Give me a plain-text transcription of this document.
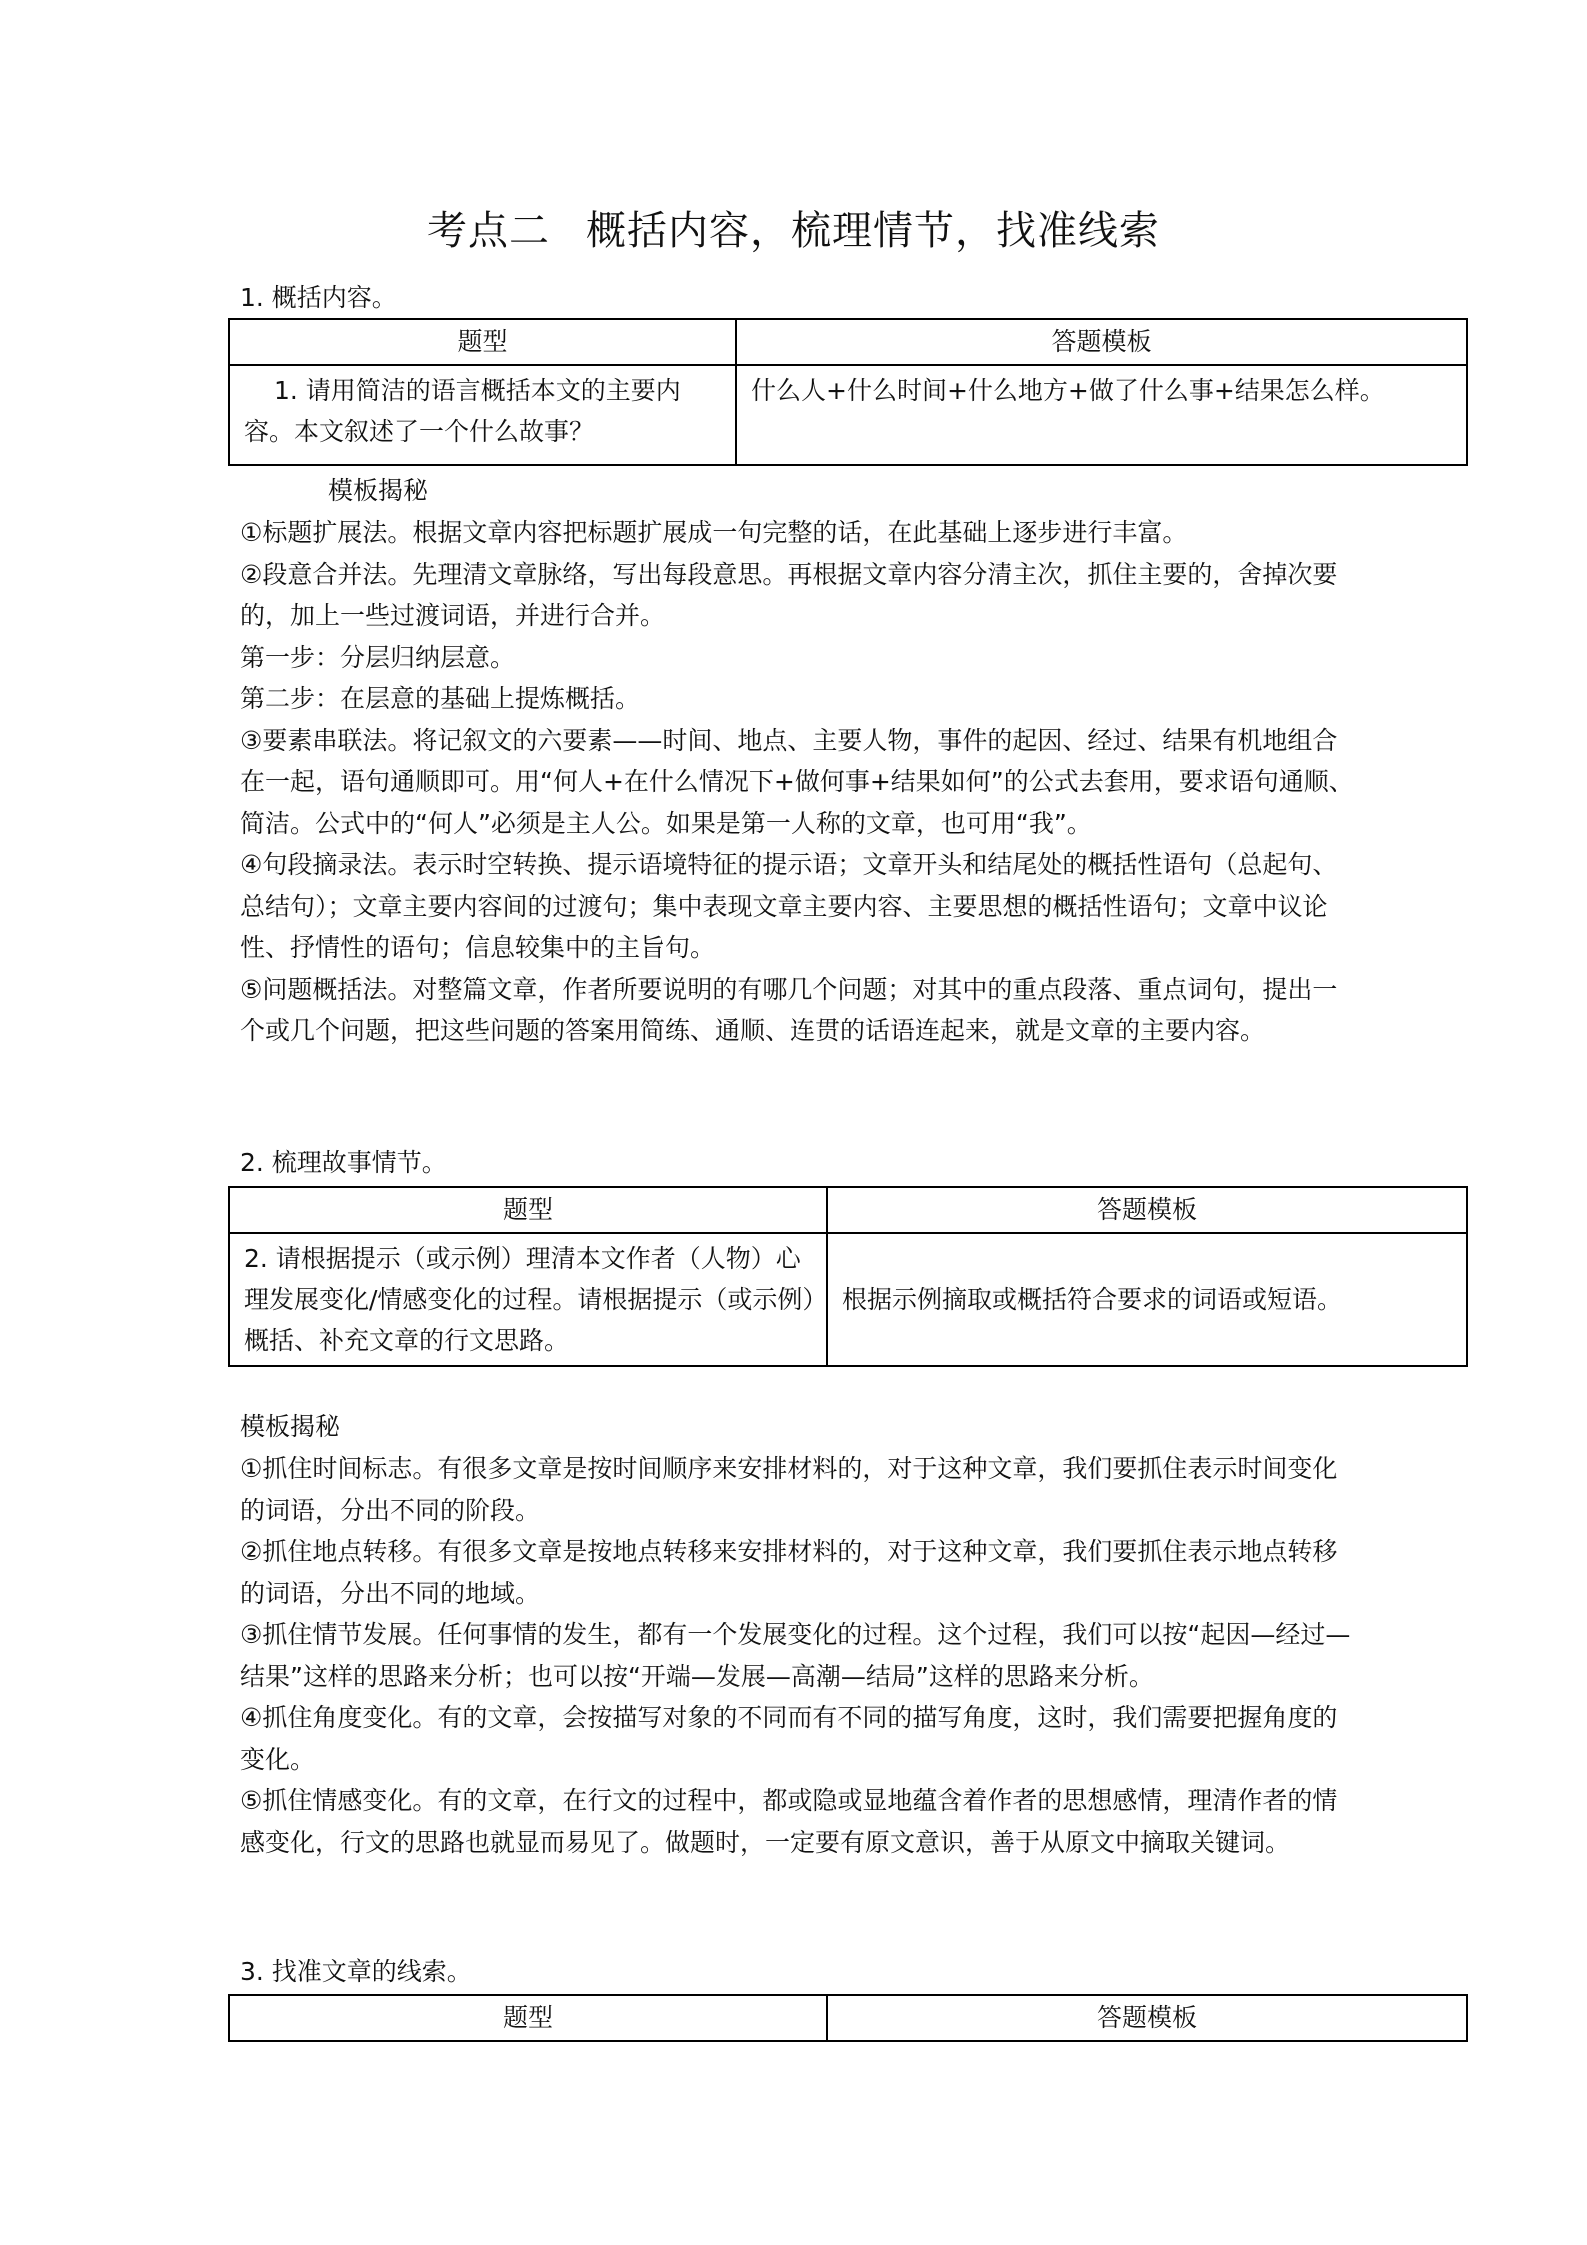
考点二 概括内容，梳理情节，找准线索
1. 概括内容。
题型	答题模板

1. 请用简洁的语言概括本文的主要内容。本文叙述了一个什么故事？	什么人+什么时间+什么地方+做了什么事+结果怎么样。
模板揭秘

①标题扩展法。根据文章内容把标题扩展成一句完整的话，在此基础上逐步进行丰富。

②段意合并法。先理清文章脉络，写出每段意思。再根据文章内容分清主次，抓住主要的，舍掉次要的，加上一些过渡词语，并进行合并。

第一步：分层归纳层意。

第二步：在层意的基础上提炼概括。

③要素串联法。将记叙文的六要素——时间、地点、主要人物，事件的起因、经过、结果有机地组合在一起，语句通顺即可。用“何人+在什么情况下+做何事+结果如何”的公式去套用，要求语句通顺、简洁。公式中的“何人”必须是主人公。如果是第一人称的文章，也可用“我”。

④句段摘录法。表示时空转换、提示语境特征的提示语；文章开头和结尾处的概括性语句（总起句、总结句）；文章主要内容间的过渡句；集中表现文章主要内容、主要思想的概括性语句；文章中议论性、抒情性的语句；信息较集中的主旨句。

⑤问题概括法。对整篇文章，作者所要说明的有哪几个问题；对其中的重点段落、重点词句，提出一个或几个问题，把这些问题的答案用简练、通顺、连贯的话语连起来，就是文章的主要内容。

2. 梳理故事情节。
题型	答题模板

2. 请根据提示（或示例）理清本文作者（人物）心理发展变化/情感变化的过程。请根据提示（或示例）概括、补充文章的行文思路。	根据示例摘取或概括符合要求的词语或短语。
模板揭秘

①抓住时间标志。有很多文章是按时间顺序来安排材料的，对于这种文章，我们要抓住表示时间变化的词语，分出不同的阶段。

②抓住地点转移。有很多文章是按地点转移来安排材料的，对于这种文章，我们要抓住表示地点转移的词语，分出不同的地域。

③抓住情节发展。任何事情的发生，都有一个发展变化的过程。这个过程，我们可以按“起因—经过—结果”这样的思路来分析；也可以按“开端—发展—高潮—结局”这样的思路来分析。

④抓住角度变化。有的文章，会按描写对象的不同而有不同的描写角度，这时，我们需要把握角度的变化。

⑤抓住情感变化。有的文章，在行文的过程中，都或隐或显地蕴含着作者的思想感情，理清作者的情感变化，行文的思路也就显而易见了。做题时，一定要有原文意识，善于从原文中摘取关键词。

3. 找准文章的线索。
题型	答题模板
